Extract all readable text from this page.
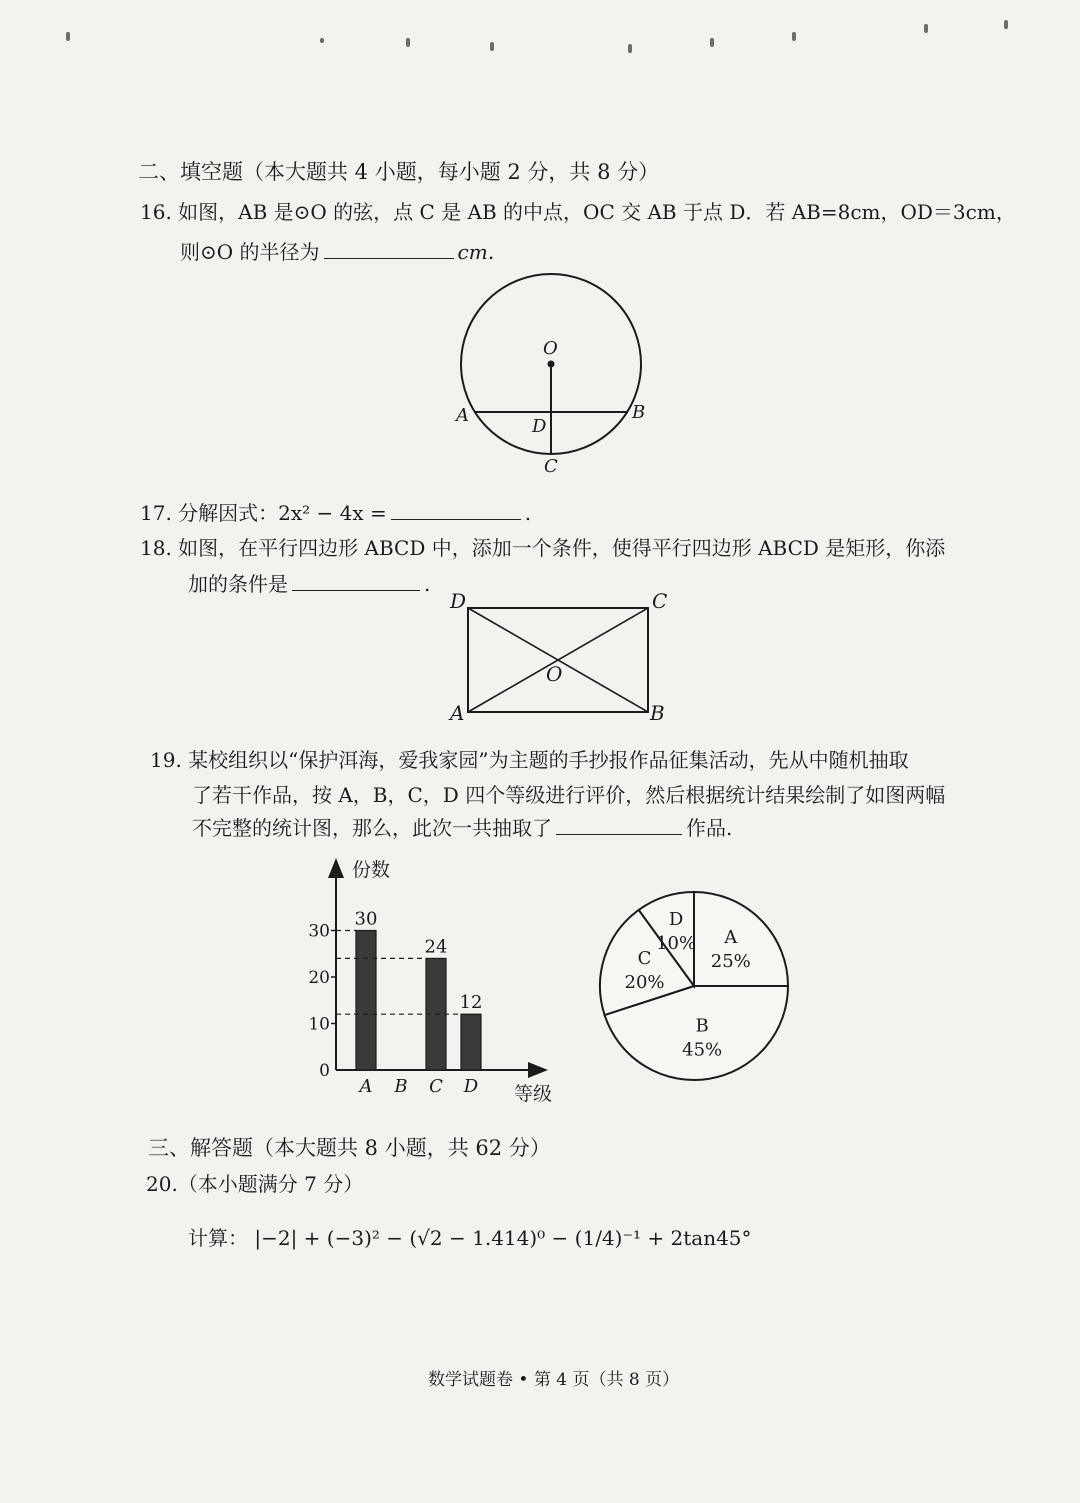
二、填空题（本大题共 4 小题，每小题 2 分，共 8 分）
16. 如图，AB 是⊙O 的弦，点 C 是 AB 的中点，OC 交 AB 于点 D．若 AB=8cm，OD＝3cm，
则⊙O 的半径为	cm．
O
A	B
D
C
17. 分解因式：2x² − 4x =	.
18. 如图，在平行四边形 ABCD 中，添加一个条件，使得平行四边形 ABCD 是矩形，你添
加的条件是	.
D	C
A	B
O
19. 某校组织以“保护洱海，爱我家园”为主题的手抄报作品征集活动，先从中随机抽取
了若干作品，按 A，B，C，D 四个等级进行评价，然后根据统计结果绘制了如图两幅
不完整的统计图，那么，此次一共抽取了	作品.
份数
等级
0
10
20
30
A
30
B C
24
D
12
A
25%
B
45%
C
20%
D
10%
三、解答题（本大题共 8 小题，共 62 分）
20.（本小题满分 7 分）
计算： |−2| + (−3)² − (√2 − 1.414)⁰ − (1/4)⁻¹ + 2tan45°
数学试题卷 • 第 4 页（共 8 页）
